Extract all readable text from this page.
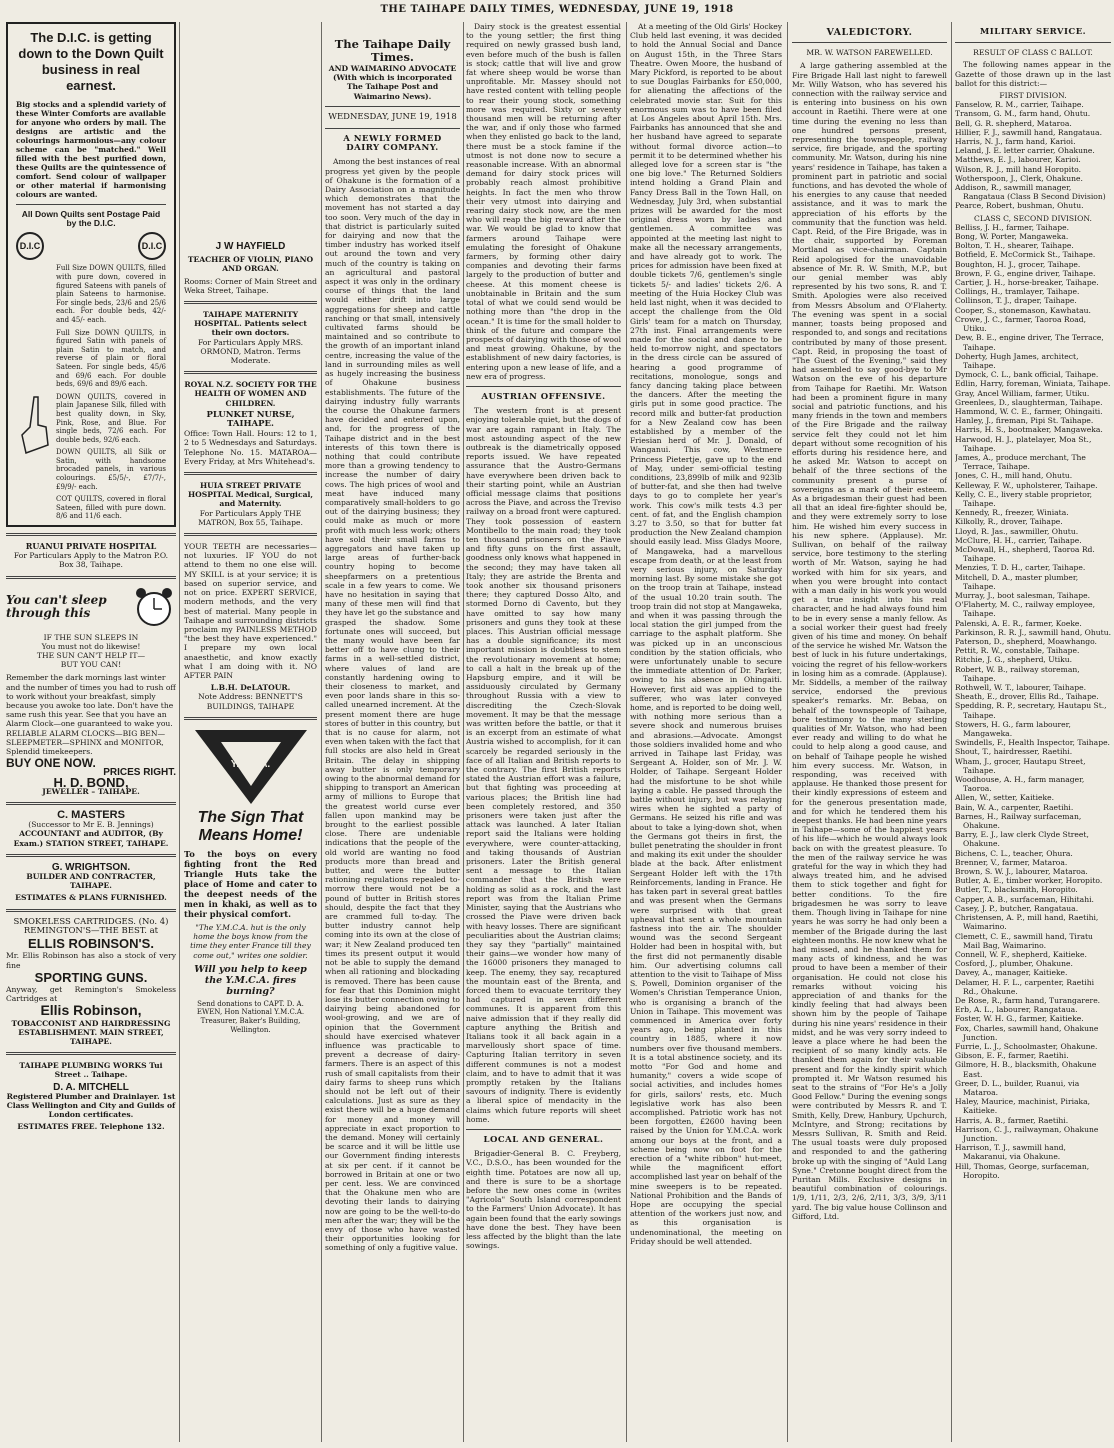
THE TAIHAPE DAILY TIMES, WEDNESDAY, JUNE 19, 1918
The D.I.C. is getting down to the Down Quilt business in real earnest.
Big stocks and a splendid variety of these Winter Comforts are available for anyone who orders by mail. The designs are artistic and the colourings harmonious—any colour scheme can be "matched." Well filled with the best purified down, these Quilts are the quintessence of comfort. Send colour of wallpaper or other material if harmonising colours are wanted.
All Down Quilts sent Postage Paid by the D.I.C.
D.I.C	D.I.C
Full Size DOWN QUILTS, filled with pure down, covered in figured Sateens with panels of plain Sateens to harmonise. For single beds, 23/6 and 25/6 each. For double beds, 42/- and 45/- each.
Full Size DOWN QUILTS, in figured Satin with panels of plain Satin to match, and reverse of plain or floral Sateen. For single beds, 45/6 and 69/6 each. For double beds, 69/6 and 89/6 each.
DOWN QUILTS, covered in plain Japanese Silk, filled with best quality down, in Sky, Pink, Rose, and Blue. For single beds, 72/6 each. For double beds, 92/6 each.
DOWN QUILTS, all Silk or Satin, with handsome brocaded panels, in various colourings. £5/5/-, £7/7/-, £9/9/- each.
COT QUILTS, covered in floral Sateen, filled with pure down. 8/6 and 11/6 each.
RUANUI PRIVATE HOSPITAL
For Particulars Apply to the Matron P.O. Box 38, Taihape.
You can't sleep through this
IF THE SUN SLEEPS IN
You must not do likewise!
THE SUN CAN'T HELP IT—
BUT YOU CAN!
Remember the dark mornings last winter and the number of times you had to rush off to work without your breakfast, simply because you awoke too late. Don't have the same rush this year. See that you have an Alarm Clock—one guaranteed to wake you. RELIABLE ALARM CLOCKS—BIG BEN—SLEEPMETER—SPHINX and MONITOR, Splendid timekeepers.
BUY ONE NOW.
PRICES RIGHT.
H. D. BOND,
JEWELLER – TAIHAPE.
C. MASTERS
(Successor to Mr E. B. Jennings)
ACCOUNTANT and AUDITOR, (By Exam.) STATION STREET, TAIHAPE.
G. WRIGHTSON.
BUILDER AND CONTRACTER, TAIHAPE.
ESTIMATES & PLANS FURNISHED.
SMOKELESS CARTRIDGES. (No. 4)
REMINGTON'S—THE BEST. at
ELLIS ROBINSON'S.
Mr. Ellis Robinson has also a stock of very fine
SPORTING GUNS.
Anyway, get Remington's Smokeless Cartridges at
Ellis Robinson,
TOBACCONIST AND HAIRDRESSING ESTABLISHMENT. MAIN STREET, TAIHAPE.
TAIHAPE PLUMBING WORKS Tui Street .. Taihape.
D. A. MITCHELL
Registered Plumber and Drainlayer. 1st Class Wellington and City and Guilds of London certificates.
ESTIMATES FREE. Telephone 132.
J W HAYFIELD
TEACHER OF VIOLIN, PIANO AND ORGAN.
Rooms: Corner of Main Street and Weka Street, Taihape.
TAIHAPE MATERNITY HOSPITAL. Patients select their own doctors.
For Particulars Apply MRS. ORMOND, Matron. Terms Moderate.
ROYAL N.Z. SOCIETY FOR THE HEALTH OF WOMEN AND CHILDREN.
PLUNKET NURSE, TAIHAPE.
Office: Town Hall. Hours: 12 to 1, 2 to 5 Wednesdays and Saturdays. Telephone No. 15. MATAROA—Every Friday, at Mrs Whitehead's.
HUIA STREET PRIVATE HOSPITAL Medical, Surgical, and Maternity.
For Particulars Apply THE MATRON, Box 55, Taihape.
YOUR TEETH are necessaries—not luxuries. IF YOU do not attend to them no one else will. MY SKILL is at your service; it is based on superior service, and not on price. EXPERT SERVICE, modern methods, and the very best of material. Many people in Taihape and surrounding districts proclaim my PAINLESS METHOD "the best they have experienced." I prepare my own local anaesthetic, and know exactly what I am doing with it. NO AFTER PAIN
L.B.H. DeLATOUR.
Note Address: BENNETT'S BUILDINGS, TAIHAPE
Y.M.C.A.
The Sign That Means Home!
To the boys on every fighting front the Red Triangle Huts take the place of Home and cater to the deepest needs of the men in khaki, as well as to their physical comfort.
"The Y.M.C.A. hut is the only home the boys know from the time they enter France till they come out," writes one soldier.
Will you help to keep the Y.M.C.A. fires burning?
Send donations to CAPT. D. A. EWEN, Hon National Y.M.C.A. Treasurer, Baker's Building, Wellington.
The Taihape Daily Times.
AND WAIMARINO ADVOCATE (With which is incorporated The Taihape Post and Waimarino News).
WEDNESDAY, JUNE 19, 1918
A NEWLY FORMED DAIRY COMPANY.

Among the best instances of real progress yet given by the people of Ohakune is the formation of a Dairy Association on a magnitude which demonstrates that the movement has not started a day too soon. Very much of the day in that district is particularly suited for dairying and now that the timber industry has worked itself out around the town and very much of the country is taking on an agricultural and pastoral aspect it was only in the ordinary course of things that the land would either drift into large aggregations for sheep and cattle ranching or that small, intensively cultivated farms should be maintained and so contribute to the growth of an important inland centre, increasing the value of the land in surrounding miles as well as hugely increasing the business of Ohakune business establishments. The future of the dairying industry fully warrants the course the Ohakune farmers have decided and entered upon, and, for the progress of the Taihape district and in the best interests of this town there is nothing that could contribute more than a growing tendency to increase the number of dairy cows. The high prices of wool and meat have induced many comparatively small-holders to go out of the dairying business; they could make as much or more profit with much less work; others have sold their small farms to aggregators and have taken up large areas of further-back country hoping to become sheepfarmers on a pretentious scale in a few years to come. We have no hesitation in saying that many of these men will find that they have let go the substance and grasped the shadow. Some fortunate ones will succeed, but the many would have been far better off to have clung to their farms in a well-settled district, where values of land are constantly hardening owing to their closeness to market, and even poor lands share in this so-called unearned increment. At the present moment there are huge stores of butter in this country, but that is no cause for alarm, not even when taken with the fact that full stocks are also held in Great Britain. The delay in shipping away butter is only temporary owing to the abnormal demand for shipping to transport an American army of millions to Europe that the greatest world curse ever fallen upon mankind may be brought to the earliest possible close. There are undeniable indications that the people of the old world are wanting no food products more than bread and butter, and were the butter rationing regulations repealed to-morrow there would not be a pound of butter in British stores should, despite the fact that they are crammed full to-day. The butter industry cannot help coming into its own at the close of war; it New Zealand produced ten times its present output it would not be able to supply the demand when all rationing and blockading is removed. There has been cause for fear that this Dominion might lose its butter connection owing to dairying being abandoned for wool-growing, and we are of opinion that the Government should have exercised whatever influence was practicable to prevent a decrease of dairy-farmers. There is an aspect of this rush of small capitalists from their dairy farms to sheep runs which should not be left out of their calculations. Just as sure as they exist there will be a huge demand for money and money will appreciate in exact proportion to the demand. Money will certainly be scarce and it will be little use our Government finding interests at six per cent. if it cannot be borrowed in Britain at one or two per cent. less. We are convinced that the Ohakune men who are devoting their lands to dairying now are going to be the well-to-do men after the war; they will be the envy of those who have wasted their opportunities looking for something of only a fugitive value.

Dairy stock is the greatest essential to the young settler; the first thing required on newly grassed bush land, even before much of the bush is fallen is stock; cattle that will live and grow fat where sheep would be worse than unprofitable. Mr. Massey should not have rested content with telling people to rear their young stock, something more was required. Sixty or seventy thousand men will be returning after the war, and if only those who farmed when they enlisted go back to the land, there must be a stock famine if the utmost is not done now to secure a reasonable increase. With an abnormal demand for dairy stock prices will probably reach almost prohibitive heights. In fact the men who throw their very utmost into dairying and rearing dairy stock now, are the men who will reap the big reward after the war. We would be glad to know that farmers around Taihape were emulating the foresight of Ohakune farmers, by forming other dairy companies and devoting their farms largely to the production of butter and cheese. At this moment cheese is unobtainable in Britain and the sum total of what we could send would be nothing more than "the drop in the ocean." It is time for the small holder to think of the future and compare the prospects of dairying with those of wool and meat growing. Ohakune, by the establishment of new dairy factories, is entering upon a new lease of life, and a new era of progress.

AUSTRIAN OFFENSIVE.

The western front is at present enjoying tolerable quiet, but the dogs of war are again rampant in Italy. The most astounding aspect of the new outbreak is the diametrically opposed reports issued. We have repeated assurance that the Austro-Germans have everywhere been driven back to their starting point, while an Austrian official message claims that positions across the Piave, and across the Treviso railway on a broad front were captured. They took possession of eastern Montibello to the main road; they took ten thousand prisoners on the Piave and fifty guns on the first assault, goodness only knows what happened in the second; they may have taken all Italy; they are astride the Brenta and took another six thousand prisoners there; they captured Dosso Alto, and stormed Dorno di Cavento, but they have omitted to say how many prisoners and guns they took at these places. This Austrian official message has a double significance; its most important mission is doubtless to stem the revolutionary movement at home; to call a halt in the break up of the Hapsburg empire, and it will be assiduously circulated by Germany throughout Russia with a view to discrediting the Czech-Slovak movement. It may be that the message was written before the battle, or that it is an excerpt from an estimate of what Austria wished to accomplish, for it can scarcely be regarded seriously in the face of all Italian and British reports to the contrary. The first British reports stated the Austrian effort was a failure, but that fighting was proceeding at various places; the British line had been completely restored, and 350 prisoners were taken just after the attack was launched. A later Italian report said the Italians were holding everywhere, were counter-attacking, and taking thousands of Austrian prisoners. Later the British general sent a message to the Italian commander that the British were holding as solid as a rock, and the last report was from the Italian Prime Minister, saying that the Austrians who crossed the Piave were driven back with heavy losses. There are significant peculiarities about the Austrian claims; they say they "partially" maintained their gains—we wonder how many of the 16000 prisoners they managed to keep. The enemy, they say, recaptured the mountain east of the Brenta, and forced them to evacuate territory they had captured in seven different communes. It is apparent from this naive admission that if they really did capture anything the British and Italians took it all back again in a marvellously short space of time. Capturing Italian territory in seven different communes is not a modest claim, and to have to admit that it was promptly retaken by the Italians savours of indignity. There is evidently a liberal spice of mendacity in the claims which future reports will sheet home.

LOCAL AND GENERAL.

Brigadier-General B. C. Freyberg, V.C., D.S.O., has been wounded for the eighth time. Potatoes are now all up, and there is sure to be a shortage before the new ones come in (writes "Agricola" South Island correspondent to the Farmers' Union Advocate). It has again been found that the early sowings have done the best. They have been less affected by the blight than the late sowings.

At a meeting of the Old Girls' Hockey Club held last evening, it was decided to hold the Annual Social and Dance on August 15th, in the Three Stars Theatre. Owen Moore, the husband of Mary Pickford, is reported to be about to sue Douglas Fairbanks for £50,000, for alienating the affections of the celebrated movie star. Suit for this enormous sum was to have been filed at Los Angeles about April 15th. Mrs. Fairbanks has announced that she and her husband have agreed to separate without formal divorce action—to permit it to be determined whether his alleged love for a screen star is "the one big love." The Returned Soldiers intend holding a Grand Plain and Fancy Dress Ball in the Town Hall, on Wednesday, July 3rd, when substantial prizes will be awarded for the most original dress worn by ladies and gentlemen. A committee was appointed at the meeting last night to make all the necessary arrangements, and have already got to work. The prices for admission have been fixed at double tickets 7/6, gentlemen's single tickets 5/- and ladies' tickets 2/6. A meeting of the Huia Hockey Club was held last night, when it was decided to accept the challenge from the Old Girls' team for a match on Thursday, 27th inst. Final arrangements were made for the social and dance to be held to-morrow night, and spectators in the dress circle can be assured of hearing a good programme of recitations, monologue, songs and fancy dancing taking place between the dancers. After the meeting the girls put in some good practice. The record milk and butter-fat production for a New Zealand cow has been established by a member of the Friesian herd of Mr. J. Donald, of Wanganui. This cow, Westmere Princess Pietertje, gave up to the end of May, under semi-official testing conditions, 23,899lb of milk and 923lb of butter-fat, and she then had twelve days to go to complete her year's work. This cow's milk tests 4.3 per cent. of fat, and the English champion 3.27 to 3.50, so that for butter fat production the New Zealand champion should easily lead. Miss Gladys Moore, of Mangaweka, had a marvellous escape from death, or at the least from very serious injury, on Saturday morning last. By some mistake she got on the troop train at Taihape, instead of the usual 10.20 train south. The troop train did not stop at Mangaweka, and when it was passing through the local station the girl jumped from the carriage to the asphalt platform. She was picked up in an unconscious condition by the station officials, who were unfortunately unable to secure the immediate attention of Dr. Parker, owing to his absence in Ohingaiti. However, first aid was applied to the sufferer, who was later conveyed home, and is reported to be doing well, with nothing more serious than a severe shock and numerous bruises and abrasions.—Advocate. Amongst those soldiers invalided home and who arrived in Taihape last Friday, was Sergeant A. Holder, son of Mr. J. W. Holder, of Taihape. Sergeant Holder had the misfortune to be shot while laying a cable. He passed through the battle without injury, but was relaying wires when he sighted a party of Germans. He seized his rifle and was about to take a lying-down shot, when the Germans got theirs in first, the bullet penetrating the shoulder in front and making its exit under the shoulder blade at the back. After enlistment Sergeant Holder left with the 17th Reinforcements, landing in France. He has taken part in several great battles and was present when the Germans were surprised with that great upheaval that sent a whole mountain fastness into the air. The shoulder wound was the second Sergeant Holder had been in hospital with, but the first did not permanently disable him. Our advertising columns call attention to the visit to Taihape of Miss S. Powell, Dominion organiser of the Women's Christian Temperance Union, who is organising a branch of the Union in Taihape. This movement was commenced in America over forty years ago, being planted in this country in 1885, where it now numbers over five thousand members. It is a total abstinence society, and its motto "For God and home and humanity," covers a wide scope of social activities, and includes homes for girls, sailors' rests, etc. Much legislative work has also been accomplished. Patriotic work has not been forgotten, £2600 having been raised by the Union for Y.M.C.A. work among our boys at the front, and a scheme being now on foot for the erection of a "white ribbon" hut-meet, while the magnificent effort accomplished last year on behalf of the mine sweepers is to be repeated. National Prohibition and the Bands of Hope are occupying the special attention of the workers just now, and as this organisation is undenominational, the meeting on Friday should be well attended.

VALEDICTORY.
MR. W. WATSON FAREWELLED.

A large gathering assembled at the Fire Brigade Hall last night to farewell Mr. Willy Watson, who has severed his connection with the railway service and is entering into business on his own account in Raetihi. There were at one time during the evening no less than one hundred persons present, representing the townspeople, railway service, fire brigade, and the sporting community. Mr. Watson, during his nine years' residence in Taihape, has taken a prominent part in patriotic and social functions, and has devoted the whole of his energies to any cause that needed assistance, and it was to mark the appreciation of his efforts by the community that the function was held. Capt. Reid, of the Fire Brigade, was in the chair, supported by Foreman Mortland as vice-chairman. Captain Reid apologised for the unavoidable absence of Mr. R. W. Smith, M.P., but our genial member was ably represented by his two sons, R. and T. Smith. Apologies were also received from Messrs Absolum and O'Flaherty. The evening was spent in a social manner, toasts being proposed and responded to, and songs and recitations contributed by many of those present. Capt. Reid, in proposing the toast of "The Guest of the Evening," said they had assembled to say good-bye to Mr Watson on the eve of his departure from Taihape for Raetihi. Mr. Watson had been a prominent figure in many social and patriotic functions, and his many friends in the town and members of the Fire Brigade and the railway service felt they could not let him depart without some recognition of his efforts during his residence here, and he asked Mr. Watson to accept on behalf of the three sections of the community present a purse of sovereigns as a mark of their esteem. As a brigadesman their guest had been all that an ideal fire-fighter should be, and they were extremely sorry to lose him. He wished him every success in his new sphere. (Applause). Mr. Sullivan, on behalf of the railway service, bore testimony to the sterling worth of Mr. Watson, saying he had worked with him for six years, and when you were brought into contact with a man daily in his work you would get a true insight into his real character, and he had always found him to be in every sense a manly fellow. As a social worker their guest had freely given of his time and money. On behalf of the service he wished Mr. Watson the best of luck in his future undertakings, voicing the regret of his fellow-workers in losing him as a comrade. (Applause). Mr. Siddells, a member of the railway service, endorsed the previous speaker's remarks. Mr. Bebaa, on behalf of the townspeople of Taihape, bore testimony to the many sterling qualities of Mr. Watson, who had been ever ready and willing to do what he could to help along a good cause, and on behalf of Taihape people he wished him every success. Mr. Watson, in responding, was received with applause. He thanked those present for their kindly expressions of esteem and for the generous presentation made, and for which he tendered them his deepest thanks. He had been nine years in Taihape—some of the happiest years of his life—which he would always look back on with the greatest pleasure. To the men of the railway service he was grateful for the way in which they had always treated him, and he advised them to stick together and fight for better conditions. To the fire brigadesmen he was sorry to leave them. Though living in Taihape for nine years he was sorry he had only been a member of the Brigade during the last eighteen months. He now knew what he had missed, and he thanked them for many acts of kindness, and he was proud to have been a member of their organisation. He could not close his remarks without voicing his appreciation of and thanks for the kindly feeling that had always been shown him by the people of Taihape during his nine years' residence in their midst, and he was very sorry indeed to leave a place where he had been the recipient of so many kindly acts. He thanked them again for their valuable present and for the kindly spirit which prompted it. Mr Watson resumed his seat to the strains of "For He's a Jolly Good Fellow." During the evening songs were contributed by Messrs R. and T. Smith, Kelly, Drew, Hanbury, Upchurch, McIntyre, and Strong; recitations by Messrs Sullivan, R. Smith and Reid. The usual toasts were duly proposed and responded to and the gathering broke up with the singing of "Auld Lang Syne." Cretonne bought direct from the Puritan Mills. Exclusive designs in beautiful combination of colourings. 1/9, 1/11, 2/3, 2/6, 2/11, 3/3, 3/9, 3/11 yard. The big value house Collinson and Gifford, Ltd.

MILITARY SERVICE.
RESULT OF CLASS C BALLOT.

The following names appear in the Gazette of those drawn up in the last ballot for this district:—

FIRST DIVISION.
Fanselow, R. M., carrier, Taihape.
Transom, G. M., farm hand, Ohutu.
Bell, G. R. shepherd, Mataroa.
Hillier, F. J., sawmill hand, Rangataua.
Harris, N. J., farm hand, Karioi.
Leland, J. E. letter carrier, Ohakune.
Matthews, E. J., labourer, Karioi.
Wilson, R. J., mill hand Horopito.
Wotherspoon, J., Clerk, Ohakune.
Addison, R., sawmill manager, Rangataua (Class B Second Division)
Pearce, Robert, bushman, Ohutu.
CLASS C, SECOND DIVISION.
Belliss, J. H., farmer, Taihape.
Bong, W. Porter, Mangaweka.
Bolton, T. H., shearer, Taihape.
Botfield, E. McCormick St., Taihape.
Boughton, H. J., grocer, Taihape.
Brown, F. G., engine driver, Taihape.
Cartier, J. H., horse-breaker, Taihape.
Collings, H., tramlayer, Taihape.
Collinson, T. J., draper, Taihape.
Cooper, S., stonemason, Kawhatau.
Crowe, J. C., farmer, Taoroa Road, Utiku.
Dew, B. E., engine driver, The Terrace, Taihape.
Doherty, Hugh James, architect, Taihape.
Dymock, C. L., bank official, Taihape.
Edlin, Harry, foreman, Winiata, Taihape.
Gray, Ancel William, farmer, Utiku.
Greenlees, D., slaughterman, Taihape.
Hammond, W. C. E., farmer, Ohingaiti.
Hanley, J., fireman, Pipi St. Taihape.
Harris, H. S., bootmaker, Mangaweka.
Harwood, H. J., platelayer, Moa St., Taihape.
James, A., produce merchant, The Terrace, Taihape.
Jones, C. H., mill hand, Ohutu.
Kelleway, F. W., upholsterer, Taihape.
Kelly, C. E., livery stable proprietor, Taihape.
Kennedy, R., freezer, Winiata.
Kilkolly, R., drover, Taihape.
Lloyd, R. Jas., sawmiller, Ohutu.
McClure, H. H., carrier, Taihape.
McDowall, H., shepherd, Taoroa Rd. Taihape.
Menzies, T. D. H., carter, Taihape.
Mitchell, D. A., master plumber, Taihape.
Murray, J., boot salesman, Taihape.
O'Flaherty, M. C., railway employee, Taihape.
Palenski, A. E. R., farmer, Koeke.
Parkinson, R. R. J., sawmill hand, Ohutu.
Paterson, D., shepherd, Moawhango.
Pettit, R. W., constable, Taihape.
Ritchie, J. G., shepherd, Utiku.
Robert, W. B., railway storeman, Taihape.
Rothwell, W. T., labourer, Taihape.
Sheath, E., drover, Ellis Rd., Taihape.
Spedding, R. P., secretary, Hautapu St., Taihape.
Stowers, H. G., farm labourer, Mangaweka.
Swindells, F., Health Inspector, Taihape.
Shout, T., hairdresser, Raetihi.
Wham, J., grocer, Hautapu Street, Taihape.
Woodhouse, A. H., farm manager, Taoroa.
Allen, W., setter, Kaitieke.
Bain, W. A., carpenter, Raetihi.
Barnes, H., Railway surfaceman, Ohakune.
Barry, E. J., law clerk Clyde Street, Ohakune.
Bichens, C. L., teacher, Ohura.
Brenner, V., farmer, Mataroa.
Brown, S. W. J., labourer, Mataroa.
Butler, A. E., timber worker, Horopito.
Butler, T., blacksmith, Horopito.
Capper, A. B., surfaceman, Hihitahi.
Casey, J. P., butcher, Rangataua.
Christensen, A. P., mill hand, Raetihi, Waimarino.
Clemett, C. E., sawmill hand, Tiratu Mail Bag, Waimarino.
Connell, W. F., shepherd, Kaitieke.
Cosford, J., plumber, Ohakune.
Davey, A., manager, Kaitieke.
Delamer, H. F. L., carpenter, Raetihi Rd., Ohakune.
De Rose, R., farm hand, Turangarere.
Erb, A. L., labourer, Rangataua.
Foster, W. H. G., farmer, Kaitieke.
Fox, Charles, sawmill hand, Ohakune Junction.
Furrie, L. J., Schoolmaster, Ohakune.
Gibson, E. F., farmer, Raetihi.
Gilmore, H. B., blacksmith, Ohakune East.
Greer, D. L., builder, Ruanui, via Mataroa.
Haley, Maurice, machinist, Piriaka, Kaitieke.
Harris, A. B., farmer, Raetihi.
Harrison, C. J., railwayman, Ohakune Junction.
Harrison, T. J., sawmill hand, Makaranui, via Ohakune.
Hill, Thomas, George, surfaceman, Horopito.
